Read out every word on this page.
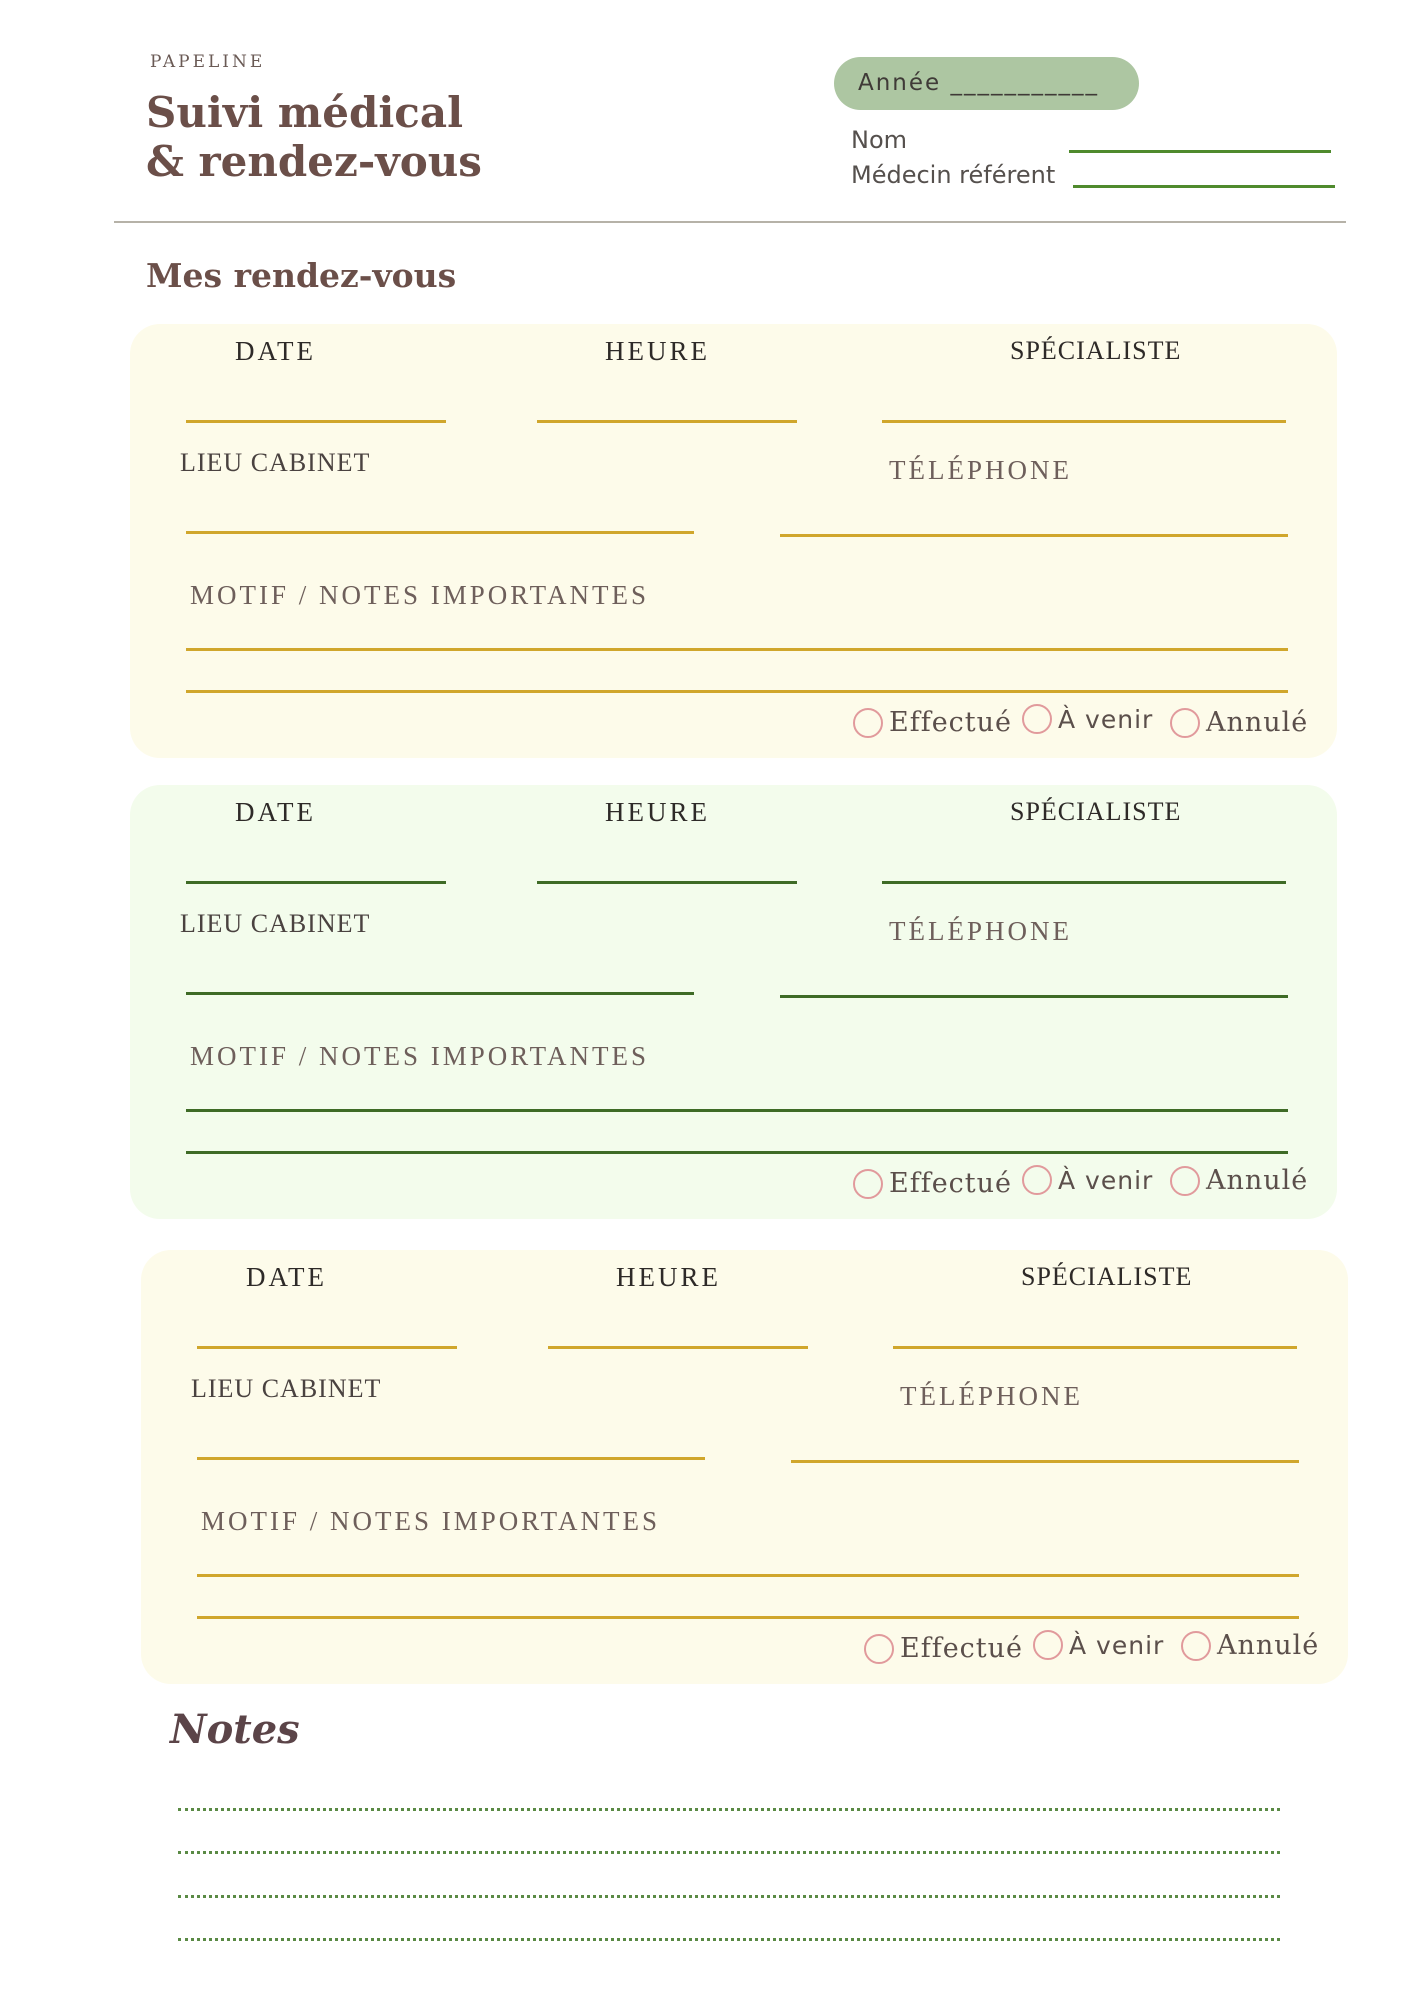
PAPELINE
Suivi médical
& rendez-vous
Année ___________
Nom
Médecin référent
Mes rendez-vous
DATE	HEURE	SPÉCIALISTE
LIEU CABINET	TÉLÉPHONE
MOTIF / NOTES IMPORTANTES
Effectué À venir Annulé
DATE	HEURE	SPÉCIALISTE
LIEU CABINET	TÉLÉPHONE
MOTIF / NOTES IMPORTANTES
Effectué À venir Annulé
DATE	HEURE	SPÉCIALISTE
LIEU CABINET	TÉLÉPHONE
MOTIF / NOTES IMPORTANTES
Effectué À venir Annulé
Notes
